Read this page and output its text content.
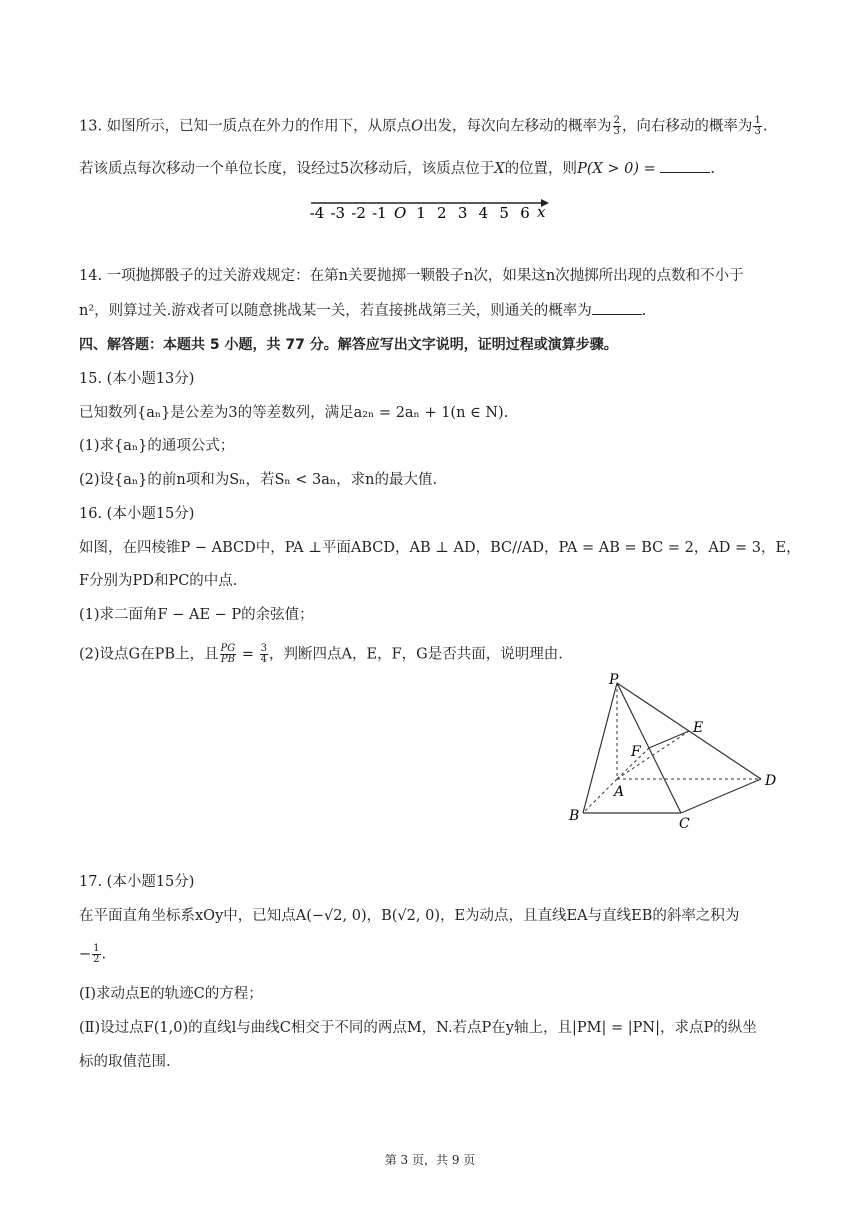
13. 如图所示，已知一质点在外力的作用下，从原点O出发，每次向左移动的概率为 $\frac{2}{3}$ ，向右移动的概率为 $\frac{1}{3}$ .
若该质点每次移动一个单位长度，设经过5次移动后，该质点位于X的位置，则P(X > 0) =	.
-4 -3 -2 -1 O 1 2 3 4 5 6 x
14. 一项抛掷骰子的过关游戏规定：在第n关要抛掷一颗骰子n次，如果这n次抛掷所出现的点数和不小于
n²，则算过关.游戏者可以随意挑战某一关，若直接挑战第三关，则通关的概率为	.
四、解答题：本题共 5 小题，共 77 分。解答应写出文字说明，证明过程或演算步骤。
15. (本小题13分)
已知数列{aₙ}是公差为3的等差数列，满足a₂ₙ = 2aₙ + 1(n ∈ N).
(1)求{aₙ}的通项公式；
(2)设{aₙ}的前n项和为Sₙ，若Sₙ < 3aₙ，求n的最大值.
16. (本小题15分)
如图，在四棱锥P − ABCD中，PA ⊥平面ABCD，AB ⊥ AD，BC//AD，PA = AB = BC = 2，AD = 3，E，
F分别为PD和PC的中点.
(1)求二面角F − AE − P的余弦值；
(2)设点G在PB上，且 $\frac{PG}{PB} = \frac{3}{4}$ ，判断四点A，E，F，G是否共面，说明理由.
P
E
F
A
D
B	C
17. (本小题15分)
在平面直角坐标系xOy中，已知点A(−√2, 0)，B(√2, 0)，E为动点，且直线EA与直线EB的斜率之积为
− $\frac{1}{2}$ .
(Ⅰ)求动点E的轨迹C的方程；
(Ⅱ)设过点F(1,0)的直线l与曲线C相交于不同的两点M，N.若点P在y轴上，且|PM| = |PN|，求点P的纵坐
标的取值范围.
第 3 页，共 9 页
